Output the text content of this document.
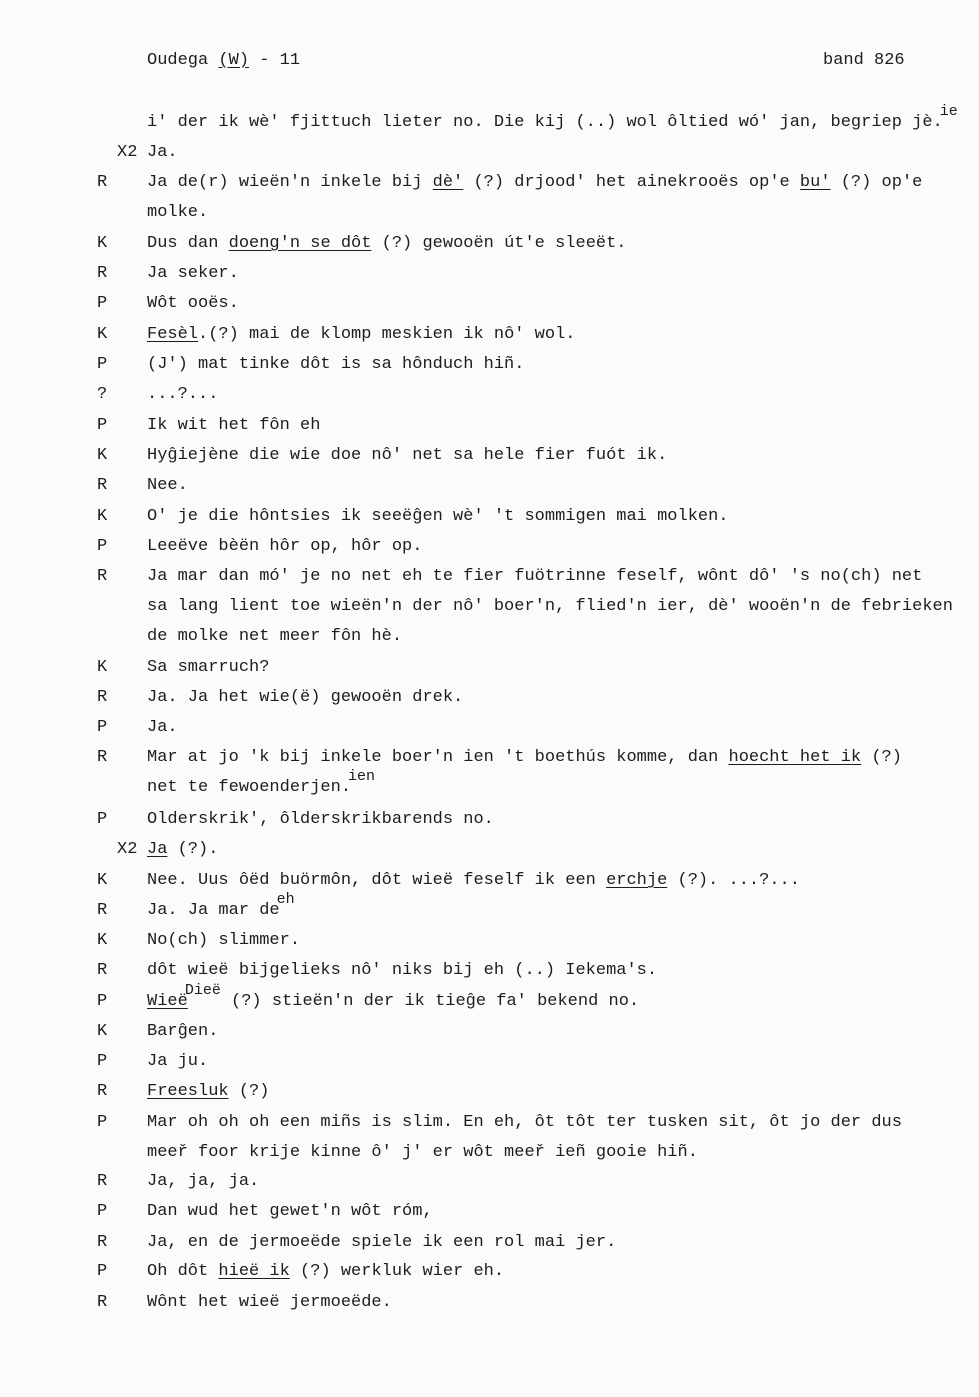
Oudega (W) - 11	band 826
i' der ik wè' fjittuch lieter no. Die kij (..) wol ôltied wó' jan, begriep jè.ie
X2 Ja.
R Ja de(r) wieën'n inkele bij dè' (?) drjood' het ainekrooës op'e bu' (?) op'e
molke.
K Dus dan doeng'n se dôt (?) gewooën út'e sleeët.
R Ja seker.
P Wôt ooës.
K Fesèl.(?) mai de klomp meskien ik nô' wol.
P (J') mat tinke dôt is sa hônduch hiñ.
? ...?...
P Ik wit het fôn eh
K Hyĝiejène die wie doe nô' net sa hele fier fuót ik.
R Nee.
K O' je die hôntsies ik seeëĝen wè' 't sommigen mai molken.
P Leeëve bèën hôr op, hôr op.
R Ja mar dan mó' je no net eh te fier fuötrinne feself, wônt dô' 's no(ch) net
sa lang lient toe wieën'n der nô' boer'n, flied'n ier, dè' wooën'n de febrieken
de molke net meer fôn hè.
K Sa smarruch?
R Ja. Ja het wie(ë) gewooën drek.
P Ja.
R Mar at jo 'k bij inkele boer'n ien 't boethús komme, dan hoecht het ik (?)
net te fewoenderjen.ien
P Olderskrik', ôlderskrikbarends no.
X2 Ja (?).
K Nee. Uus ôëd buörmôn, dôt wieë feself ik een erchje (?). ...?...
R Ja. Ja mar deeh
K No(ch) slimmer.
R dôt wieë bijgelieks nô' niks bij eh (..) Iekema's.
P WieëDieë (?) stieën'n der ik tieĝe fa' bekend no.
K Barĝen.
P Ja ju.
R Freesluk (?)
P Mar oh oh oh een miñs is slim. En eh, ôt tôt ter tusken sit, ôt jo der dus
meeř foor krije kinne ô' j' er wôt meeř ieñ gooie hiñ.
R Ja, ja, ja.
P Dan wud het gewet'n wôt róm,
R Ja, en de jermoeëde spiele ik een rol mai jer.
P Oh dôt hieë ik (?) werkluk wier eh.
R Wônt het wieë jermoeëde.
